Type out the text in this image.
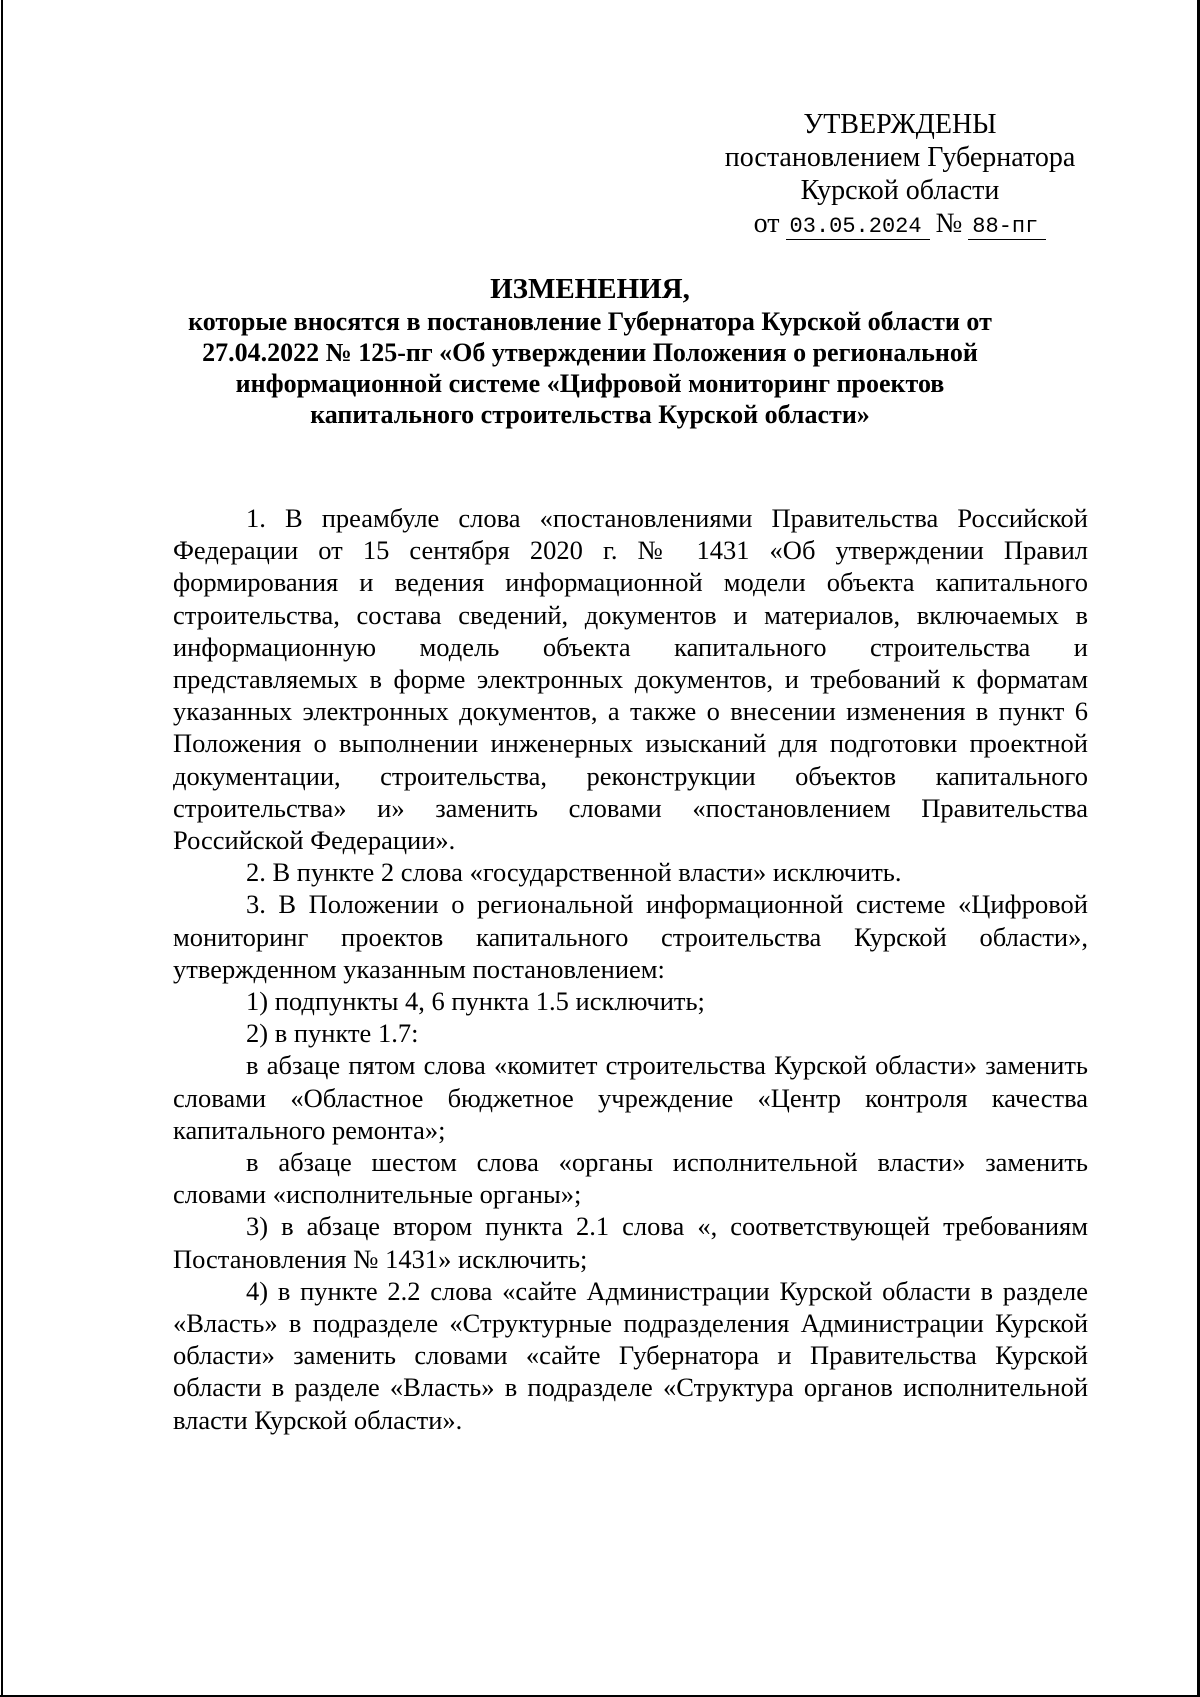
УТВЕРЖДЕНЫ
постановлением Губернатора
Курской области
от 03.05.2024 № 88-пг
ИЗМЕНЕНИЯ,
которые вносятся в постановление Губернатора Курской области от
27.04.2022 № 125-пг «Об утверждении Положения о региональной
информационной системе «Цифровой мониторинг проектов
капитального строительства Курской области»

1. В преамбуле слова «постановлениями Правительства Российской Федерации от 15 сентября 2020 г. № 1431 «Об утверждении Правил формирования и ведения информационной модели объекта капитального строительства, состава сведений, документов и материалов, включаемых в информационную модель объекта капитального строительства и представляемых в форме электронных документов, и требований к форматам указанных электронных документов, а также о внесении изменения в пункт 6 Положения о выполнении инженерных изысканий для подготовки проектной документации, строительства, реконструкции объектов капитального строительства» и» заменить словами «постановлением Правительства Российской Федерации».

2. В пункте 2 слова «государственной власти» исключить.

3. В Положении о региональной информационной системе «Цифровой мониторинг проектов капитального строительства Курской области», утвержденном указанным постановлением:

1) подпункты 4, 6 пункта 1.5 исключить;

2) в пункте 1.7:

в абзаце пятом слова «комитет строительства Курской области» заменить словами «Областное бюджетное учреждение «Центр контроля качества капитального ремонта»;

в абзаце шестом слова «органы исполнительной власти» заменить словами «исполнительные органы»;

3) в абзаце втором пункта 2.1 слова «, соответствующей требованиям Постановления № 1431» исключить;

4) в пункте 2.2 слова «сайте Администрации Курской области в разделе «Власть» в подразделе «Структурные подразделения Администрации Курской области» заменить словами «сайте Губернатора и Правительства Курской области в разделе «Власть» в подразделе «Структура органов исполнительной власти Курской области».
